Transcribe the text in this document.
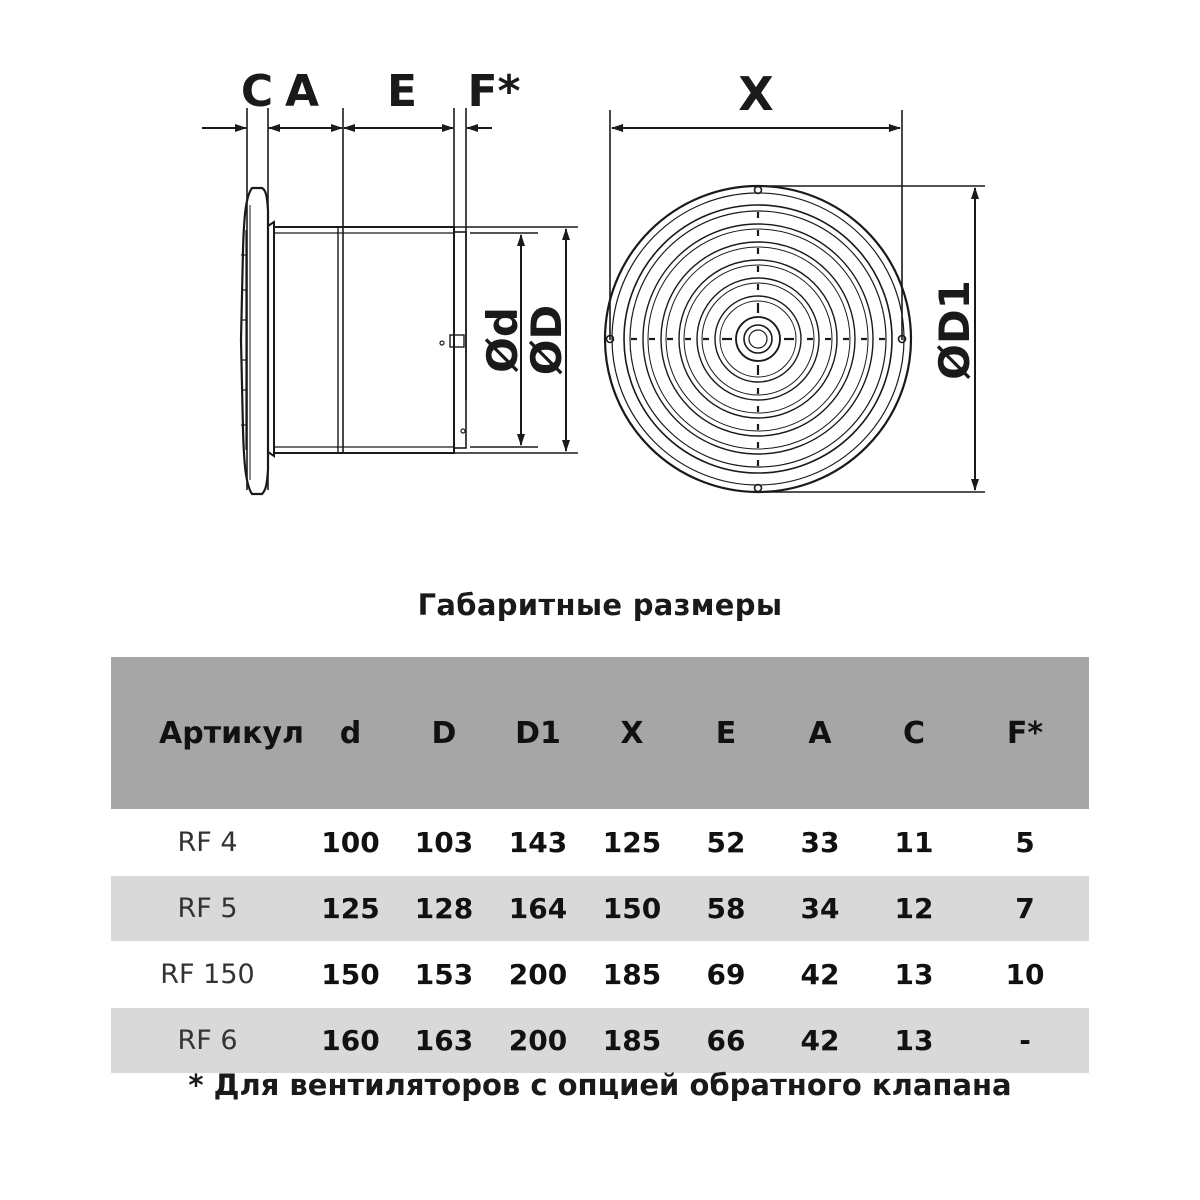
C A E F*
Ød
ØD
X
ØD1
Габаритные размеры
Артикул	d	D	D1	X	E	A	C	F*
RF 4	100	103	143	125	52	33	11	5
RF 5	125	128	164	150	58	34	12	7
RF 150	150	153	200	185	69	42	13	10
RF 6	160	163	200	185	66	42	13	-
* Для вентиляторов с опцией обратного клапана
